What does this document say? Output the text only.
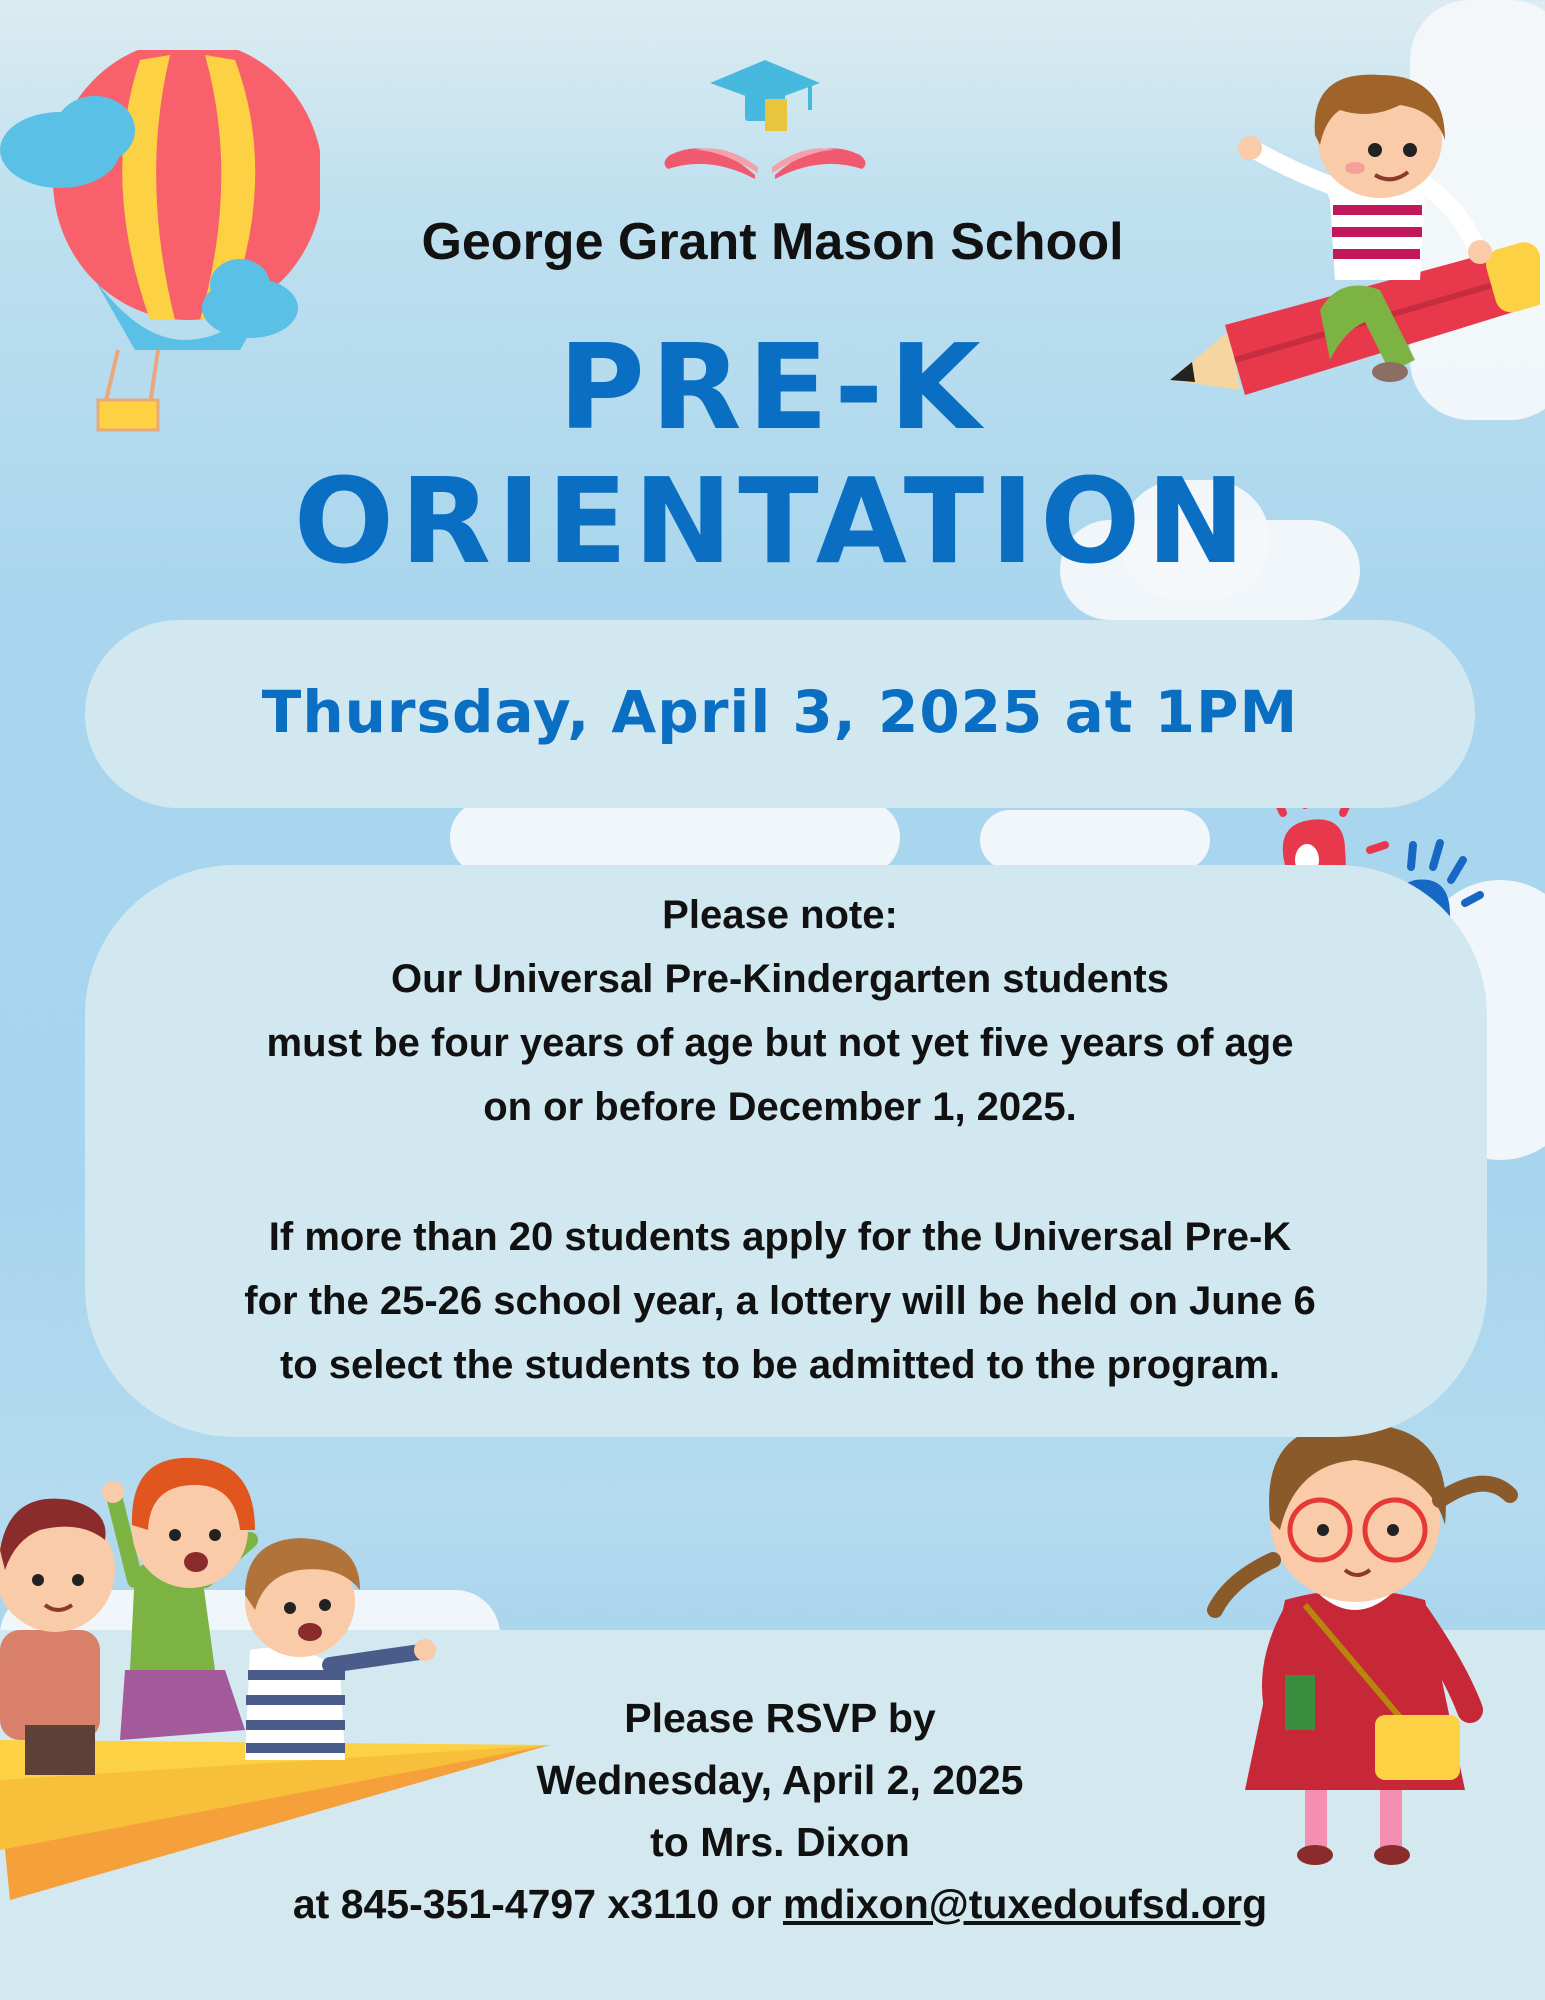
George Grant Mason School
PRE-K
ORIENTATION
Thursday, April 3, 2025 at 1PM
Please note:
Our Universal Pre-Kindergarten students
must be four years of age but not yet five years of age
on or before December 1, 2025.
If more than 20 students apply for the Universal Pre-K
for the 25-26 school year, a lottery will be held on June 6
to select the students to be admitted to the program.
Please RSVP by
Wednesday, April 2, 2025
to Mrs. Dixon
at 845-351-4797 x3110 or mdixon@tuxedoufsd.org
